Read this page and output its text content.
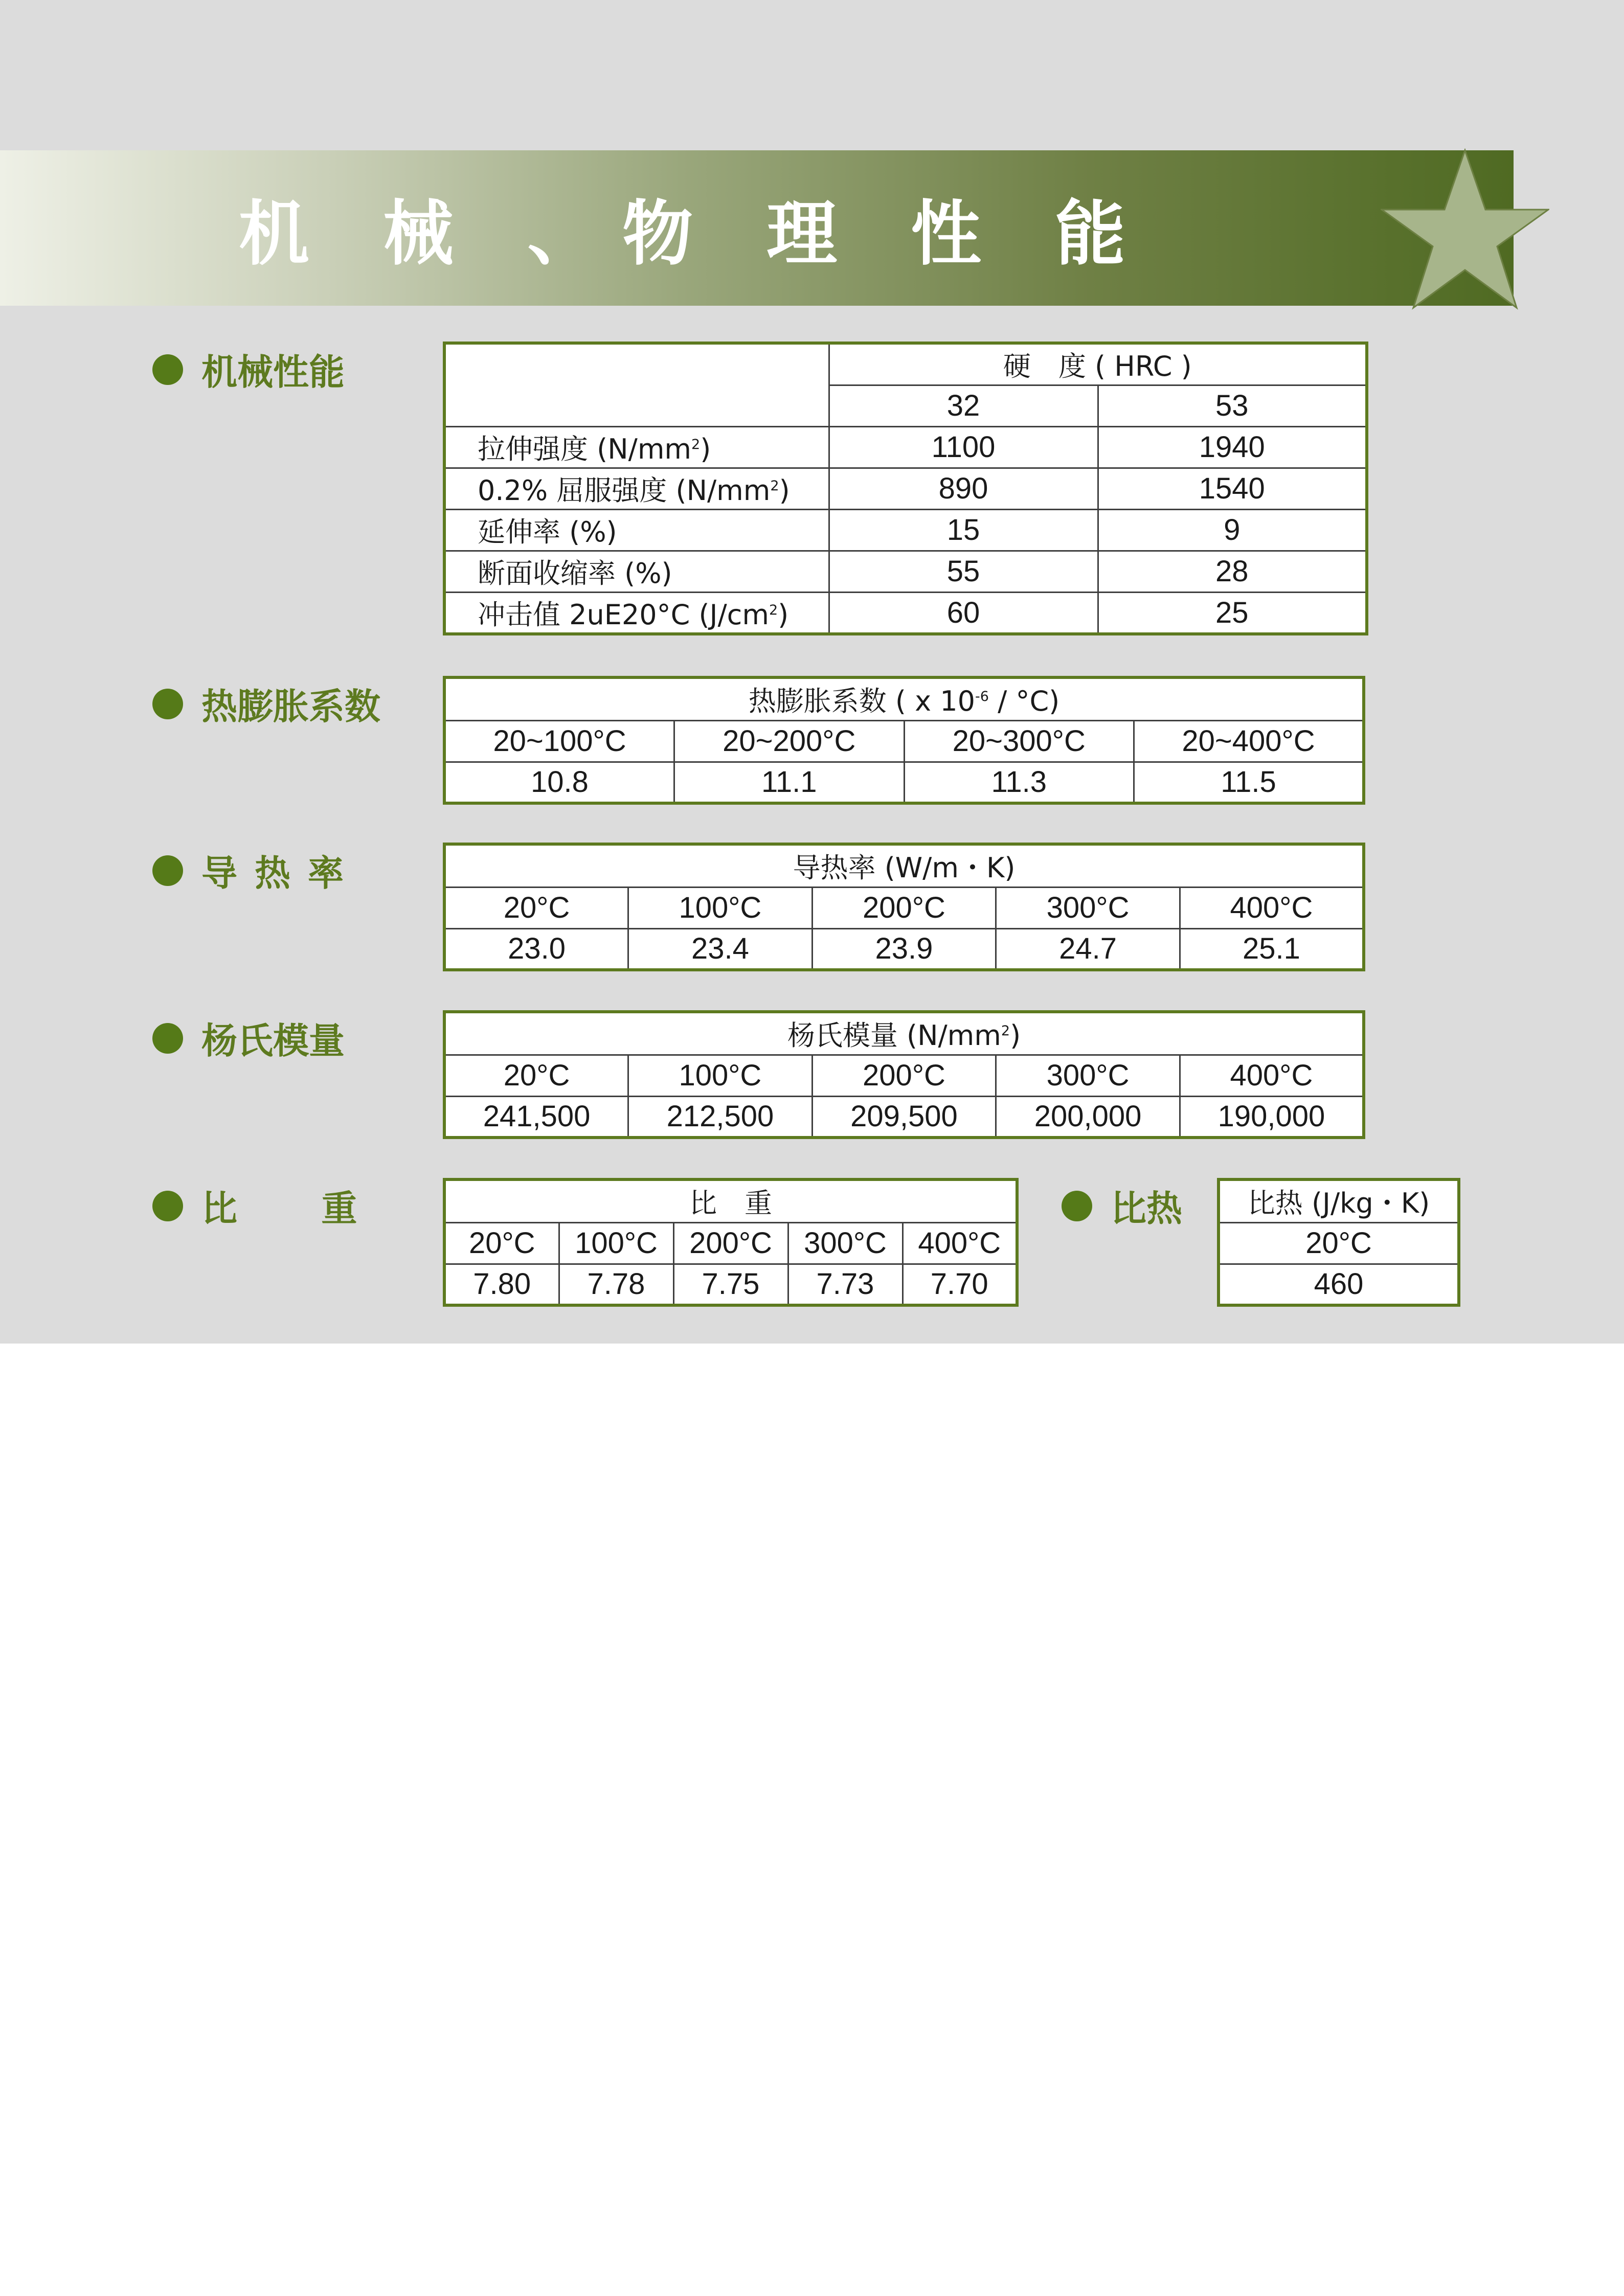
机 械 、物 理 性 能
机械性能
		硬　度 ( HRC )	
	32	53
拉伸强度 $(N/mm^2)$	1100	1940
0.2% 屈服强度 $(N/mm^2)$	890	1540
延伸率 (%)	15	9
断面收缩率 (%)	55	28
冲击值 2uE20°C $(J/cm^2)$	60	25
热膨胀系数	热膨胀系数 ( x $10^{-6} / ^\circ C$)			
20~100°C	20~200°C	20~300°C	20~400°C
10.8	11.1	11.3	11.5
导热率	导热率 (W/m・K)				
20°C	100°C	200°C	300°C	400°C
23.0	23.4	23.9	24.7	25.1
杨氏模量	杨氏模量 $(N/mm^2)$				
20°C	100°C	200°C	300°C	400°C
241,500	212,500	209,500	200,000	190,000
比 重	比　重				
20°C	100°C	200°C	300°C	400°C
7.80	7.78	7.75	7.73	7.70
比热 比热 (J/kg・K)
20°C
460
